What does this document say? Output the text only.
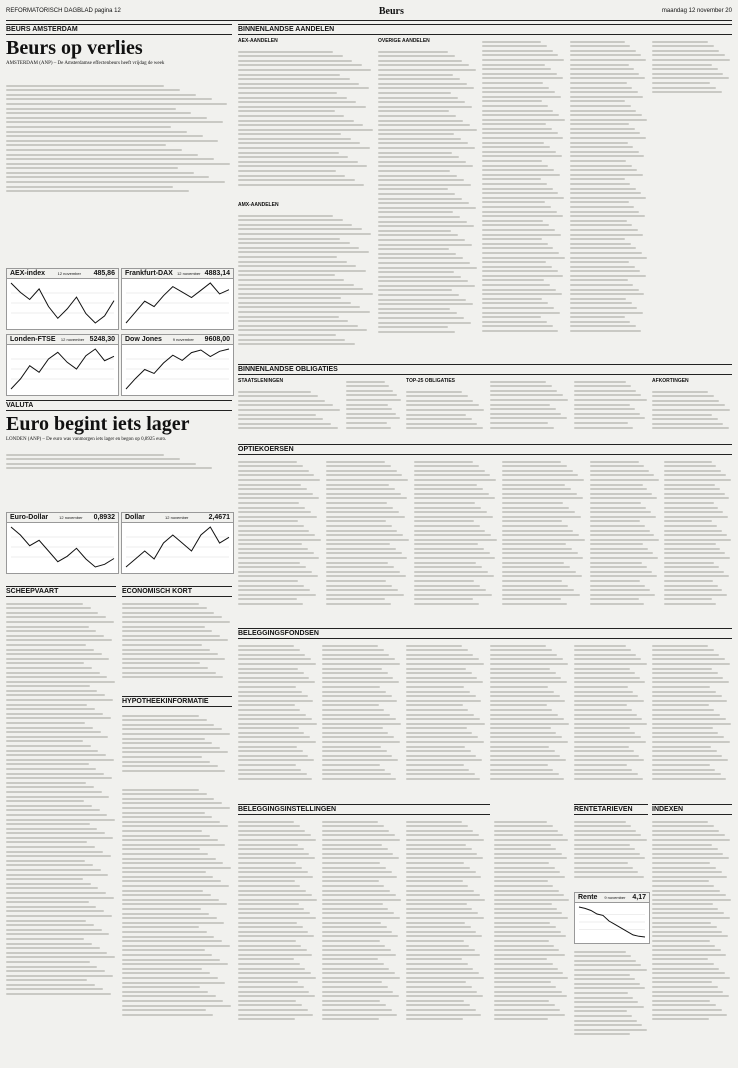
REFORMATORISCH DAGBLAD pagina 12	Beurs	maandag 12 november 20
BEURS AMSTERDAM
Beurs op verlies
AMSTERDAM (ANP) – De Amsterdamse effectenbeurs heeft vrijdag de week
AEX-index	12 november 485,86 Frankfurt-DAX 12 november 4883,14
Londen-FTSE 12 november 5248,30 Dow Jones	9 november 9608,00
VALUTA
Euro begint iets lager
LONDEN (ANP) – De euro was vanmorgen iets lager en begon op 0,8925 euro.
Euro-Dollar	12 november 0,8932 Dollar	12 november	2,4671
SCHEEPVAART	ECONOMISCH KORT
HYPOTHEEKINFORMATIE
BINNENLANDSE AANDELEN
AEX-AANDELEN
AMX-AANDELEN
OVERIGE AANDELEN
BINNENLANDSE OBLIGATIES
STAATSLENINGEN	TOP-25 OBLIGATIES	AFKORTINGEN
OPTIEKOERSEN
BELEGGINGSFONDSEN
BELEGGINGSINSTELLINGEN	RENTETARIEVEN
Rente 9 november 4,17
INDEXEN
